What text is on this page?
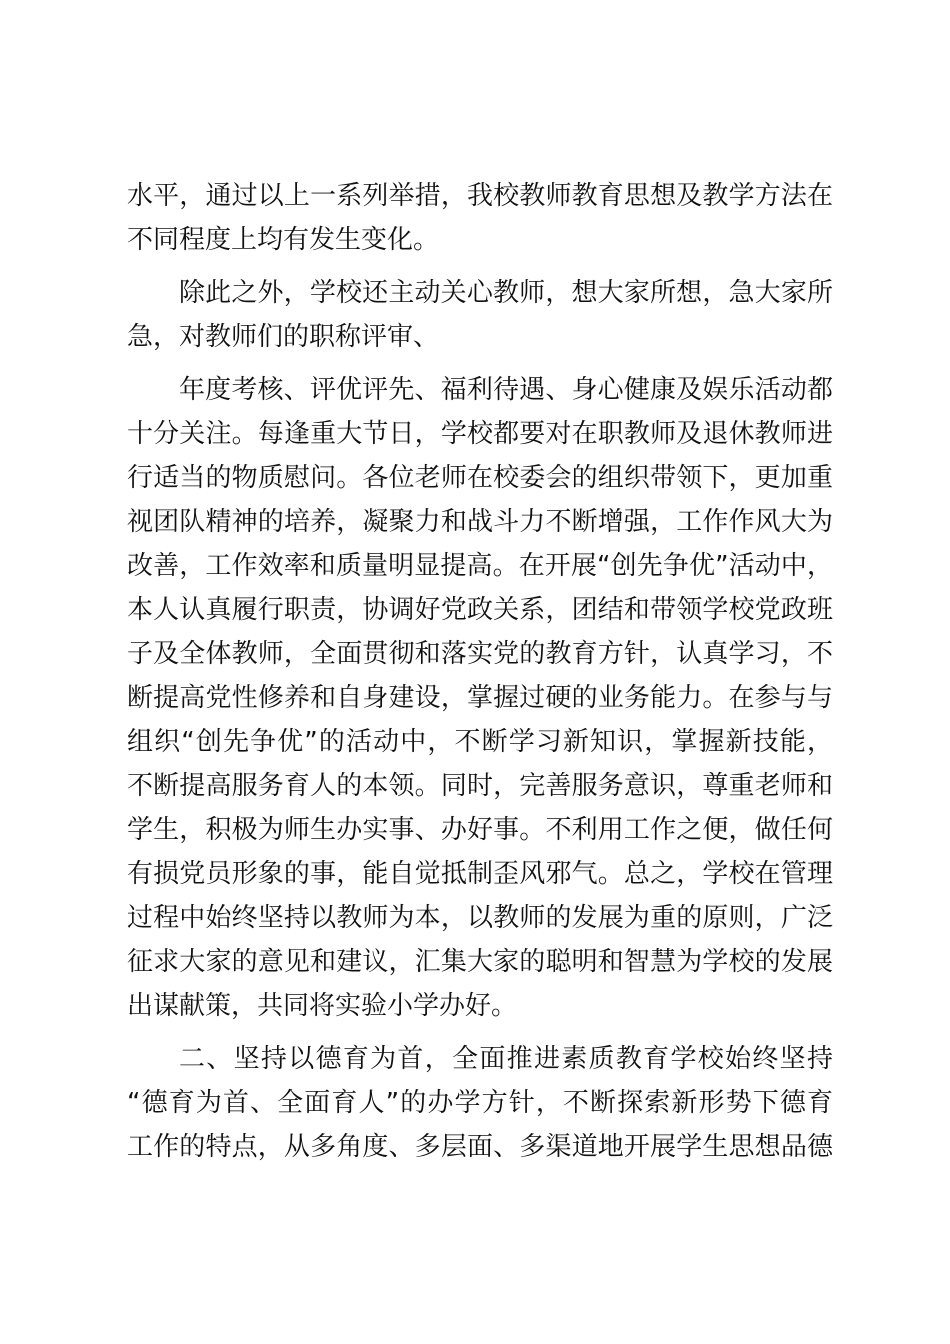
水平，通过以上一系列举措，我校教师教育思想及教学方法在
不同程度上均有发生变化。
除此之外，学校还主动关心教师，想大家所想，急大家所
急，对教师们的职称评审、
年度考核、评优评先、福利待遇、身心健康及娱乐活动都
十分关注。每逢重大节日，学校都要对在职教师及退休教师进
行适当的物质慰问。各位老师在校委会的组织带领下，更加重
视团队精神的培养，凝聚力和战斗力不断增强，工作作风大为
改善，工作效率和质量明显提高。在开展“创先争优”活动中，
本人认真履行职责，协调好党政关系，团结和带领学校党政班
子及全体教师，全面贯彻和落实党的教育方针，认真学习，不
断提高党性修养和自身建设，掌握过硬的业务能力。在参与与
组织“创先争优”的活动中，不断学习新知识，掌握新技能，
不断提高服务育人的本领。同时，完善服务意识，尊重老师和
学生，积极为师生办实事、办好事。不利用工作之便，做任何
有损党员形象的事，能自觉抵制歪风邪气。总之，学校在管理
过程中始终坚持以教师为本，以教师的发展为重的原则，广泛
征求大家的意见和建议，汇集大家的聪明和智慧为学校的发展
出谋献策，共同将实验小学办好。
二、坚持以德育为首，全面推进素质教育学校始终坚持
“德育为首、全面育人”的办学方针，不断探索新形势下德育
工作的特点，从多角度、多层面、多渠道地开展学生思想品德
